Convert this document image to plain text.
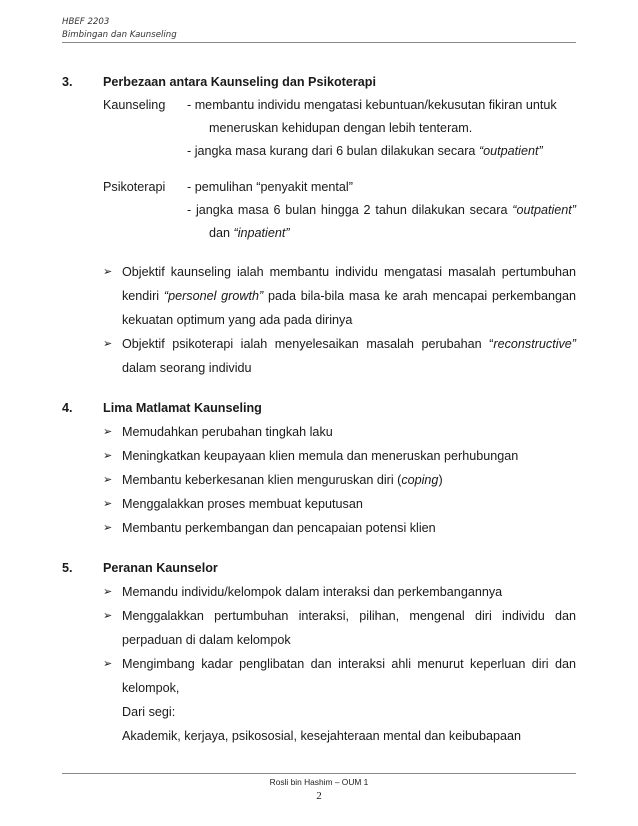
HBEF 2203
Bimbingan dan Kaunseling
3.	Perbezaan antara Kaunseling dan Psikoterapi
Kaunseling	- membantu individu mengatasi kebuntuan/kekusutan fikiran untuk
meneruskan kehidupan dengan lebih tenteram.
- jangka masa kurang dari 6 bulan dilakukan secara “outpatient”
Psikoterapi	- pemulihan “penyakit mental”
- jangka masa 6 bulan hingga 2 tahun dilakukan secara “outpatient”
dan “inpatient”
➢ Objektif kaunseling ialah membantu individu mengatasi masalah pertumbuhan kendiri “personel growth” pada bila-bila masa ke arah mencapai perkembangan kekuatan optimum yang ada pada dirinya
➢ Objektif psikoterapi ialah menyelesaikan masalah perubahan “reconstructive” dalam seorang individu
4.	Lima Matlamat Kaunseling
➢ Memudahkan perubahan tingkah laku
➢ Meningkatkan keupayaan klien memula dan meneruskan perhubungan
➢ Membantu keberkesanan klien menguruskan diri (coping)
➢ Menggalakkan proses membuat keputusan
➢ Membantu perkembangan dan pencapaian potensi klien
5.	Peranan Kaunselor
➢ Memandu individu/kelompok dalam interaksi dan perkembangannya
➢ Menggalakkan pertumbuhan interaksi, pilihan, mengenal diri individu dan perpaduan di dalam kelompok
➢ Mengimbang kadar penglibatan dan interaksi ahli menurut keperluan diri dan kelompok,
Dari segi:
Akademik, kerjaya, psikososial, kesejahteraan mental dan keibubapaan
Rosli bin Hashim – OUM 1
2
